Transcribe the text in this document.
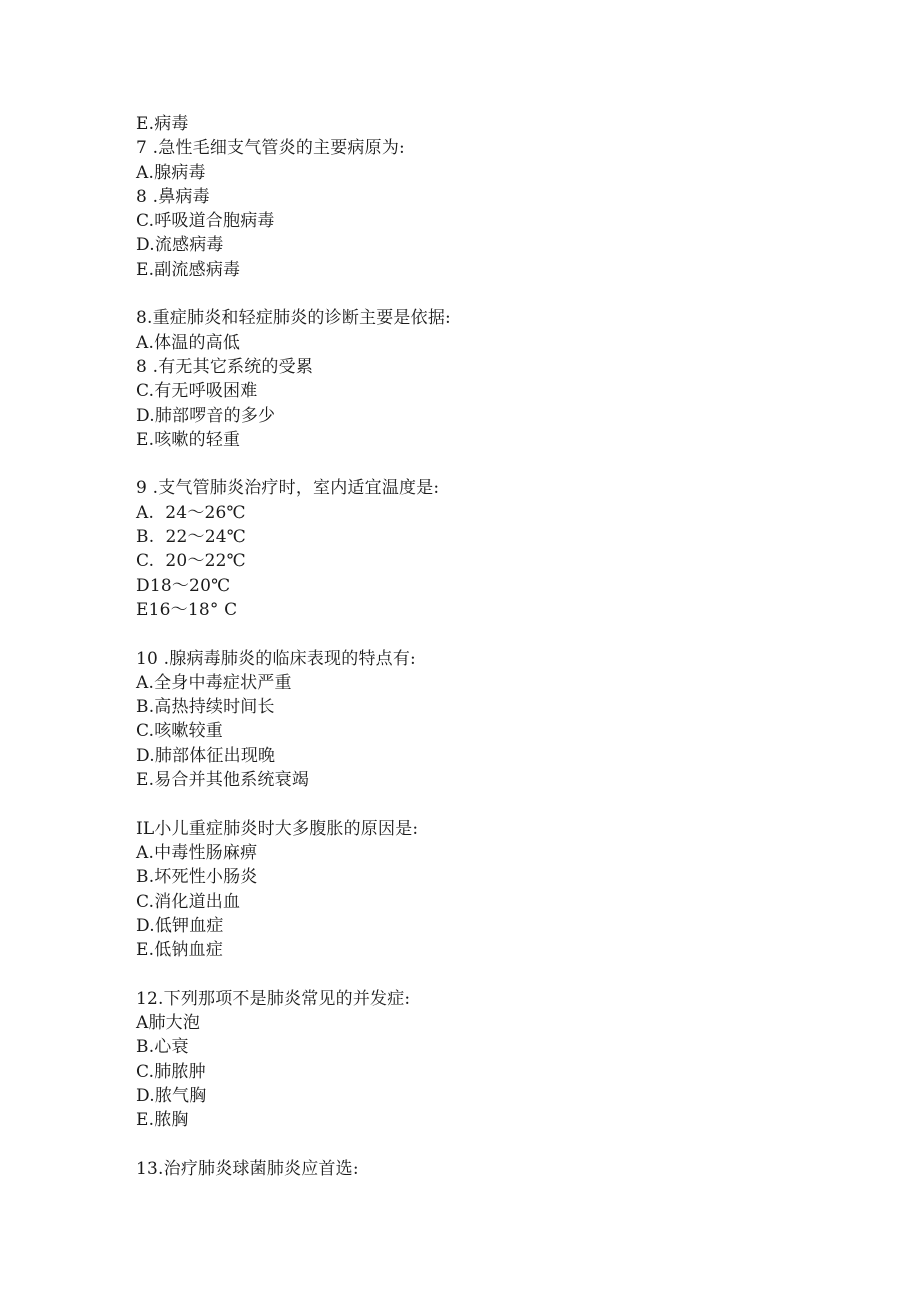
E.病毒
7 .急性毛细支气管炎的主要病原为:
A.腺病毒
8 .鼻病毒
C.呼吸道合胞病毒
D.流感病毒
E.副流感病毒
8.重症肺炎和轻症肺炎的诊断主要是依据:
A.体温的高低
8 .有无其它系统的受累
C.有无呼吸困难
D.肺部啰音的多少
E.咳嗽的轻重
9 .支气管肺炎治疗时，室内适宜温度是:
A.  24～26℃
B.  22～24℃
C.  20～22℃
D18～20℃
E16～18° C
10 .腺病毒肺炎的临床表现的特点有:
A.全身中毒症状严重
B.高热持续时间长
C.咳嗽较重
D.肺部体征出现晚
E.易合并其他系统衰竭
IL小儿重症肺炎时大多腹胀的原因是:
A.中毒性肠麻痹
B.坏死性小肠炎
C.消化道出血
D.低钾血症
E.低钠血症
12.下列那项不是肺炎常见的并发症:
A肺大泡
B.心衰
C.肺脓肿
D.脓气胸
E.脓胸
13.治疗肺炎球菌肺炎应首选:
